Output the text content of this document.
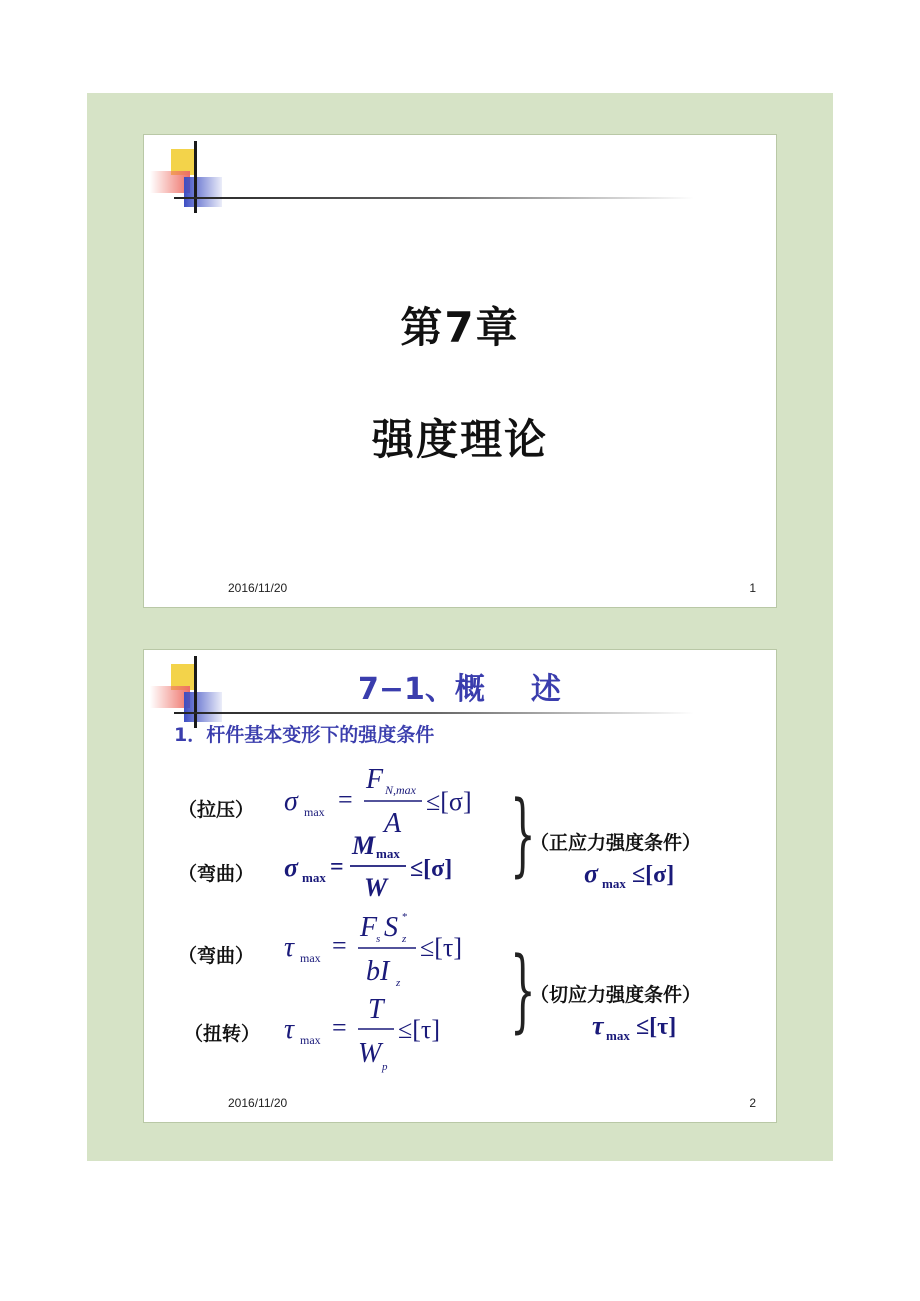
第7章
强度理论
2016/11/20	1
7−1、概 述
1．杆件基本变形下的强度条件
（拉压） σ max =
F N,max
A
≤[σ]
（弯曲） σ max =
M max
W
≤[σ] }
（正应力强度条件）
σ max ≤[σ]
（弯曲） τ max =
F
s S z
*
bI z
≤[τ]
（扭转） τ max =
T
W p
≤[τ] }
（切应力强度条件）
τ max ≤[τ]
2016/11/20	2
